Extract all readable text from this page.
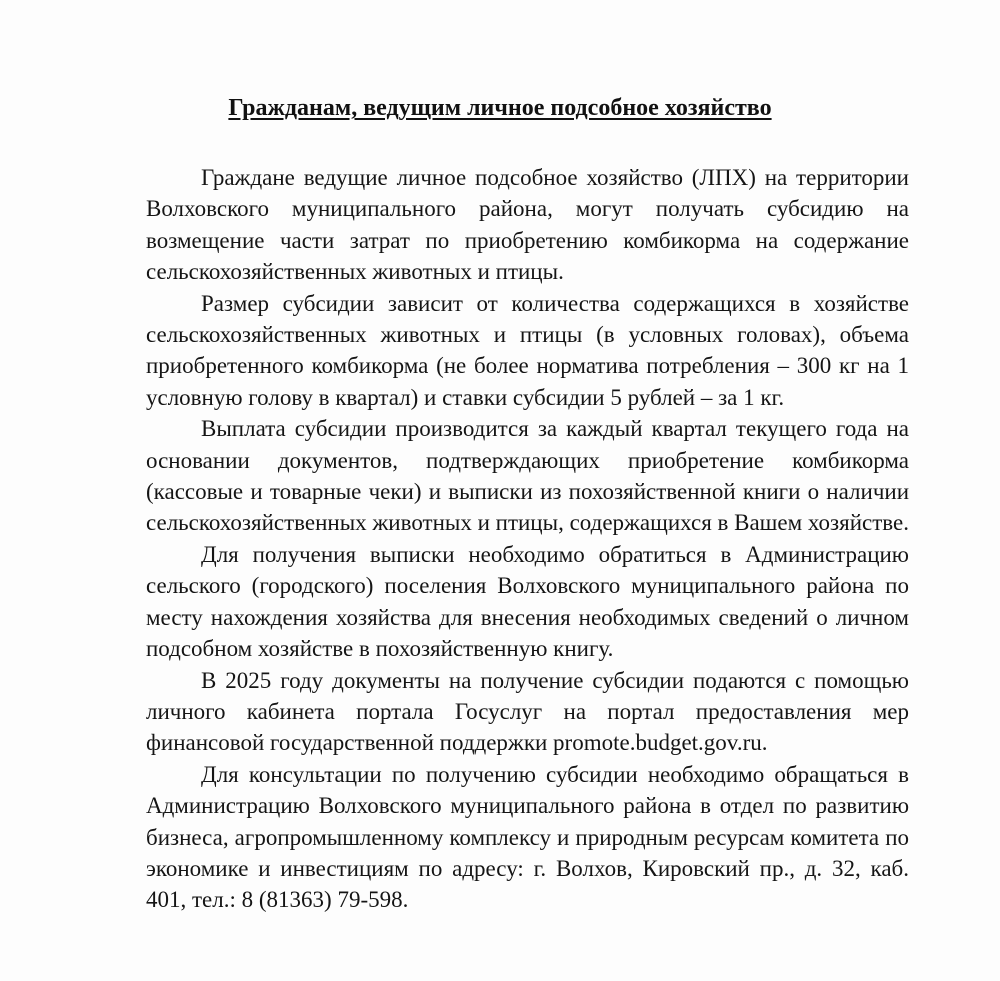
Гражданам, ведущим личное подсобное хозяйство

Граждане ведущие личное подсобное хозяйство (ЛПХ) на территории Волховского муниципального района, могут получать субсидию на возмещение части затрат по приобретению комбикорма на содержание сельскохозяйственных животных и птицы.

Размер субсидии зависит от количества содержащихся в хозяйстве сельскохозяйственных животных и птицы (в условных головах), объема приобретенного комбикорма (не более норматива потребления – 300 кг на 1 условную голову в квартал) и ставки субсидии 5 рублей – за 1 кг.

Выплата субсидии производится за каждый квартал текущего года на основании документов, подтверждающих приобретение комбикорма (кассовые и товарные чеки) и выписки из похозяйственной книги о наличии сельскохозяйственных животных и птицы, содержащихся в Вашем хозяйстве.

Для получения выписки необходимо обратиться в Администрацию сельского (городского) поселения Волховского муниципального района по месту нахождения хозяйства для внесения необходимых сведений о личном подсобном хозяйстве в похозяйственную книгу.

В 2025 году документы на получение субсидии подаются с помощью личного кабинета портала Госуслуг на портал предоставления мер финансовой государственной поддержки promote.budget.gov.ru.

Для консультации по получению субсидии необходимо обращаться в Администрацию Волховского муниципального района в отдел по развитию бизнеса, агропромышленному комплексу и природным ресурсам комитета по экономике и инвестициям по адресу: г. Волхов, Кировский пр., д. 32, каб. 401, тел.: 8 (81363) 79-598.
